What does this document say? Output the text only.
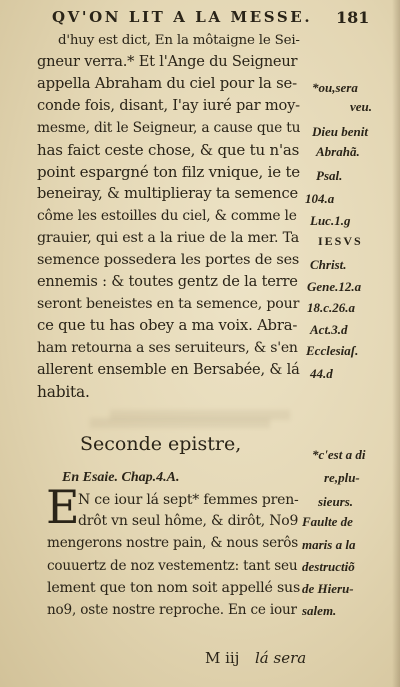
QV'ON LIT A LA MESSE. 181
d'huy est dict, En la môtaigne le Sei-
gneur verra.* Et l'Ange du Seigneur
appella Abraham du ciel pour la se-
conde fois, disant, I'ay iuré par moy-
mesme, dit le Seigneur, a cause que tu
has faict ceste chose, & que tu n'as
point espargné ton filz vnique, ie te
beneiray, & multiplieray ta semence
côme les estoilles du ciel, & comme le
grauier, qui est a la riue de la mer. Ta
semence possedera les portes de ses
ennemis : & toutes gentz de la terre
seront beneistes en ta semence, pour
ce que tu has obey a ma voix. Abra-
ham retourna a ses seruiteurs, & s'en
allerent ensemble en Bersabée, & lá
habita.
*ou,sera
veu.
Dieu benit
Abrahã.
Psal.
104.a
Luc.1.g
IESVS
Christ.
Gene.12.a
18.c.26.a
Act.3.d
Ecclesiaſ.
44.d
Seconde epistre,
En Esaie. Chap.4.A.
E
N ce iour lá sept* femmes pren-
drôt vn seul hôme, & dirôt, No9
mengerons nostre pain, & nous serôs
couuertz de noz vestementz: tant seu
lement que ton nom soit appellé sus
no9, oste nostre reproche. En ce iour
*c'est a di
re,plu-
sieurs.
Faulte de
maris a la
destructiõ
de Hieru-
salem.
M iij lá sera
